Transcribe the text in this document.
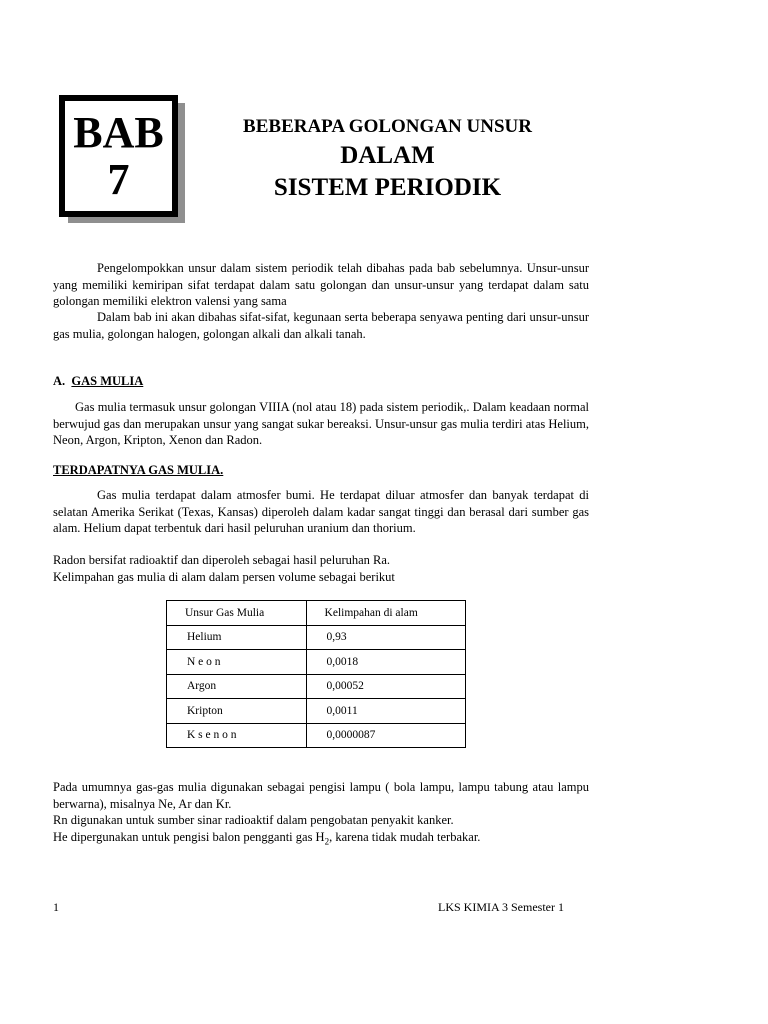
BAB
7
BEBERAPA GOLONGAN UNSUR
DALAM
SISTEM PERIODIK
Pengelompokkan unsur dalam sistem periodik telah dibahas pada bab sebelumnya. Unsur-unsur yang memiliki kemiripan sifat terdapat dalam satu golongan dan unsur-unsur yang terdapat dalam satu golongan memiliki elektron valensi yang sama
Dalam bab ini akan dibahas sifat-sifat, kegunaan serta beberapa senyawa penting dari unsur-unsur gas mulia, golongan halogen, golongan alkali dan alkali tanah.
A. GAS MULIA
Gas mulia termasuk unsur golongan VIIIA (nol atau 18) pada sistem periodik,. Dalam keadaan normal berwujud gas dan merupakan unsur yang sangat sukar bereaksi. Unsur-unsur gas mulia terdiri atas Helium, Neon, Argon, Kripton, Xenon dan Radon.
TERDAPATNYA GAS MULIA.
Gas mulia terdapat dalam atmosfer bumi. He terdapat diluar atmosfer dan banyak terdapat di selatan Amerika Serikat (Texas, Kansas) diperoleh dalam kadar sangat tinggi dan berasal dari sumber gas alam. Helium dapat terbentuk dari hasil peluruhan uranium dan thorium.
Radon bersifat radioaktif dan diperoleh sebagai hasil peluruhan Ra.
Kelimpahan gas mulia di alam dalam persen volume sebagai berikut
Unsur Gas Mulia	Kelimpahan di alam
Helium	0,93
N e o n	0,0018
Argon	0,00052
Kripton	0,0011
K s e n o n	0,0000087
Pada umumnya gas-gas mulia digunakan sebagai pengisi lampu ( bola lampu, lampu tabung atau lampu berwarna), misalnya Ne, Ar dan Kr.
Rn digunakan untuk sumber sinar radioaktif dalam pengobatan penyakit kanker.
He dipergunakan untuk pengisi balon pengganti gas $H_2$, karena tidak mudah terbakar.
1	LKS KIMIA 3 Semester 1
